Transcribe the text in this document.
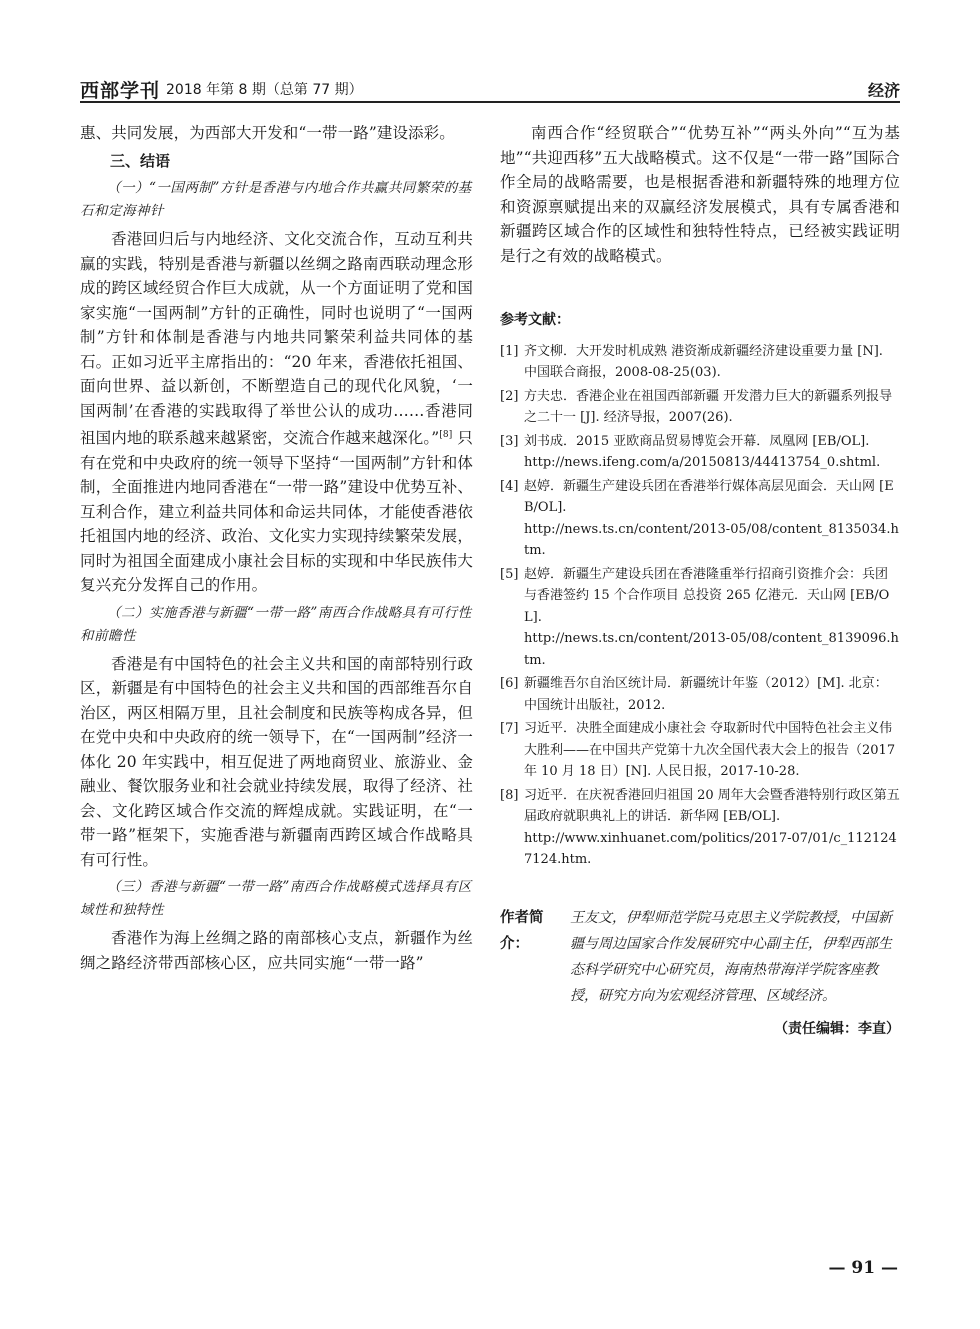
西部学刊 2018 年第 8 期（总第 77 期）	经济

惠、共同发展，为西部大开发和“一带一路”建设添彩。

三、结语

（一）“一国两制”方针是香港与内地合作共赢共同繁荣的基石和定海神针

香港回归后与内地经济、文化交流合作，互动互利共赢的实践，特别是香港与新疆以丝绸之路南西联动理念形成的跨区域经贸合作巨大成就，从一个方面证明了党和国家实施“一国两制”方针的正确性，同时也说明了“一国两制”方针和体制是香港与内地共同繁荣利益共同体的基石。正如习近平主席指出的：“20 年来，香港依托祖国、面向世界、益以新创，不断塑造自己的现代化风貌，‘一国两制’在香港的实践取得了举世公认的成功……香港同祖国内地的联系越来越紧密，交流合作越来越深化。”[8] 只有在党和中央政府的统一领导下坚持“一国两制”方针和体制，全面推进内地同香港在“一带一路”建设中优势互补、互利合作，建立利益共同体和命运共同体，才能使香港依托祖国内地的经济、政治、文化实力实现持续繁荣发展，同时为祖国全面建成小康社会目标的实现和中华民族伟大复兴充分发挥自己的作用。

（二）实施香港与新疆“一带一路”南西合作战略具有可行性和前瞻性

香港是有中国特色的社会主义共和国的南部特别行政区，新疆是有中国特色的社会主义共和国的西部维吾尔自治区，两区相隔万里，且社会制度和民族等构成各异，但在党中央和中央政府的统一领导下，在“一国两制”经济一体化 20 年实践中，相互促进了两地商贸业、旅游业、金融业、餐饮服务业和社会就业持续发展，取得了经济、社会、文化跨区域合作交流的辉煌成就。实践证明，在“一带一路”框架下，实施香港与新疆南西跨区域合作战略具有可行性。

（三）香港与新疆“一带一路”南西合作战略模式选择具有区域性和独特性

香港作为海上丝绸之路的南部核心支点，新疆作为丝绸之路经济带西部核心区，应共同实施“一带一路”

南西合作“经贸联合”“优势互补”“两头外向”“互为基地”“共迎西移”五大战略模式。这不仅是“一带一路”国际合作全局的战略需要，也是根据香港和新疆特殊的地理方位和资源禀赋提出来的双赢经济发展模式，具有专属香港和新疆跨区域合作的区域性和独特性特点，已经被实践证明是行之有效的战略模式。

参考文献：
[1] 齐文柳．大开发时机成熟 港资渐成新疆经济建设重要力量 [N]. 中国联合商报，2008-08-25(03).
[2] 方夫忠．香港企业在祖国西部新疆 开发潜力巨大的新疆系列报导之二十一 [J]. 经济导报，2007(26).
[3] 刘书成．2015 亚欧商品贸易博览会开幕．凤凰网 [EB/OL].
http://news.ifeng.com/a/20150813/44413754_0.shtml.
[4] 赵婷．新疆生产建设兵团在香港举行媒体高层见面会．天山网 [EB/OL].
http://news.ts.cn/content/2013-05/08/content_8135034.htm.
[5] 赵婷．新疆生产建设兵团在香港隆重举行招商引资推介会：兵团与香港签约 15 个合作项目 总投资 265 亿港元．天山网 [EB/OL].
http://news.ts.cn/content/2013-05/08/content_8139096.htm.
[6] 新疆维吾尔自治区统计局．新疆统计年鉴（2012）[M]. 北京：中国统计出版社，2012.
[7] 习近平．决胜全面建成小康社会 夺取新时代中国特色社会主义伟大胜利——在中国共产党第十九次全国代表大会上的报告（2017 年 10 月 18 日）[N]. 人民日报，2017-10-28.
[8] 习近平．在庆祝香港回归祖国 20 周年大会暨香港特别行政区第五届政府就职典礼上的讲话．新华网 [EB/OL].
http://www.xinhuanet.com/politics/2017-07/01/c_1121247124.htm.
作者简介：
王友文，伊犁师范学院马克思主义学院教授，中国新疆与周边国家合作发展研究中心副主任，伊犁西部生态科学研究中心研究员，海南热带海洋学院客座教授，研究方向为宏观经济管理、区域经济。
（责任编辑：李直）
— 91 —
